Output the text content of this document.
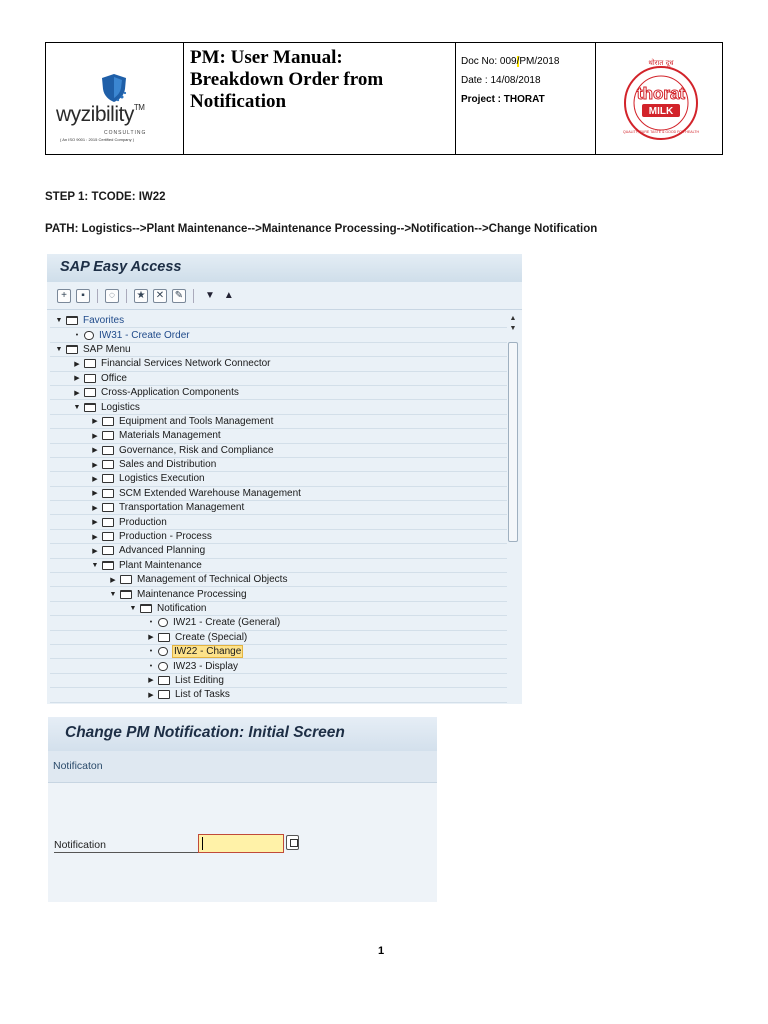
wyzibility™
CONSULTING
( An ISO 9001 : 2015 Certified Company )
PM: User Manual:
Breakdown Order from
Notification
Doc No: 009/PM/2018
Date : 14/08/2018
Project : THORAT
थोरात दूध
thorat
MILK
QUALITY, PURE TASTE & GOOD FOR HEALTH
STEP 1: TCODE: IW22
PATH: Logistics-->Plant Maintenance-->Maintenance Processing-->Notification-->Change Notification
SAP Easy Access
+	▪	◌	★ ✕ ✎ ▼ ▲
▼ Favorites
•	IW31 - Create Order
▼ SAP Menu
▶ Financial Services Network Connector
▶ Office
▶ Cross-Application Components
▼ Logistics
▶ Equipment and Tools Management
▶ Materials Management
▶ Governance, Risk and Compliance
▶ Sales and Distribution
▶ Logistics Execution
▶ SCM Extended Warehouse Management
▶ Transportation Management
▶ Production
▶ Production - Process
▶ Advanced Planning
▼ Plant Maintenance
▶ Management of Technical Objects
▼ Maintenance Processing
▼ Notification
•	IW21 - Create (General)
▶ Create (Special)
•	IW22 - Change
•	IW23 - Display
▶ List Editing
▶ List of Tasks
▲
▼
Change PM Notification: Initial Screen
Notificaton
Notification
1
